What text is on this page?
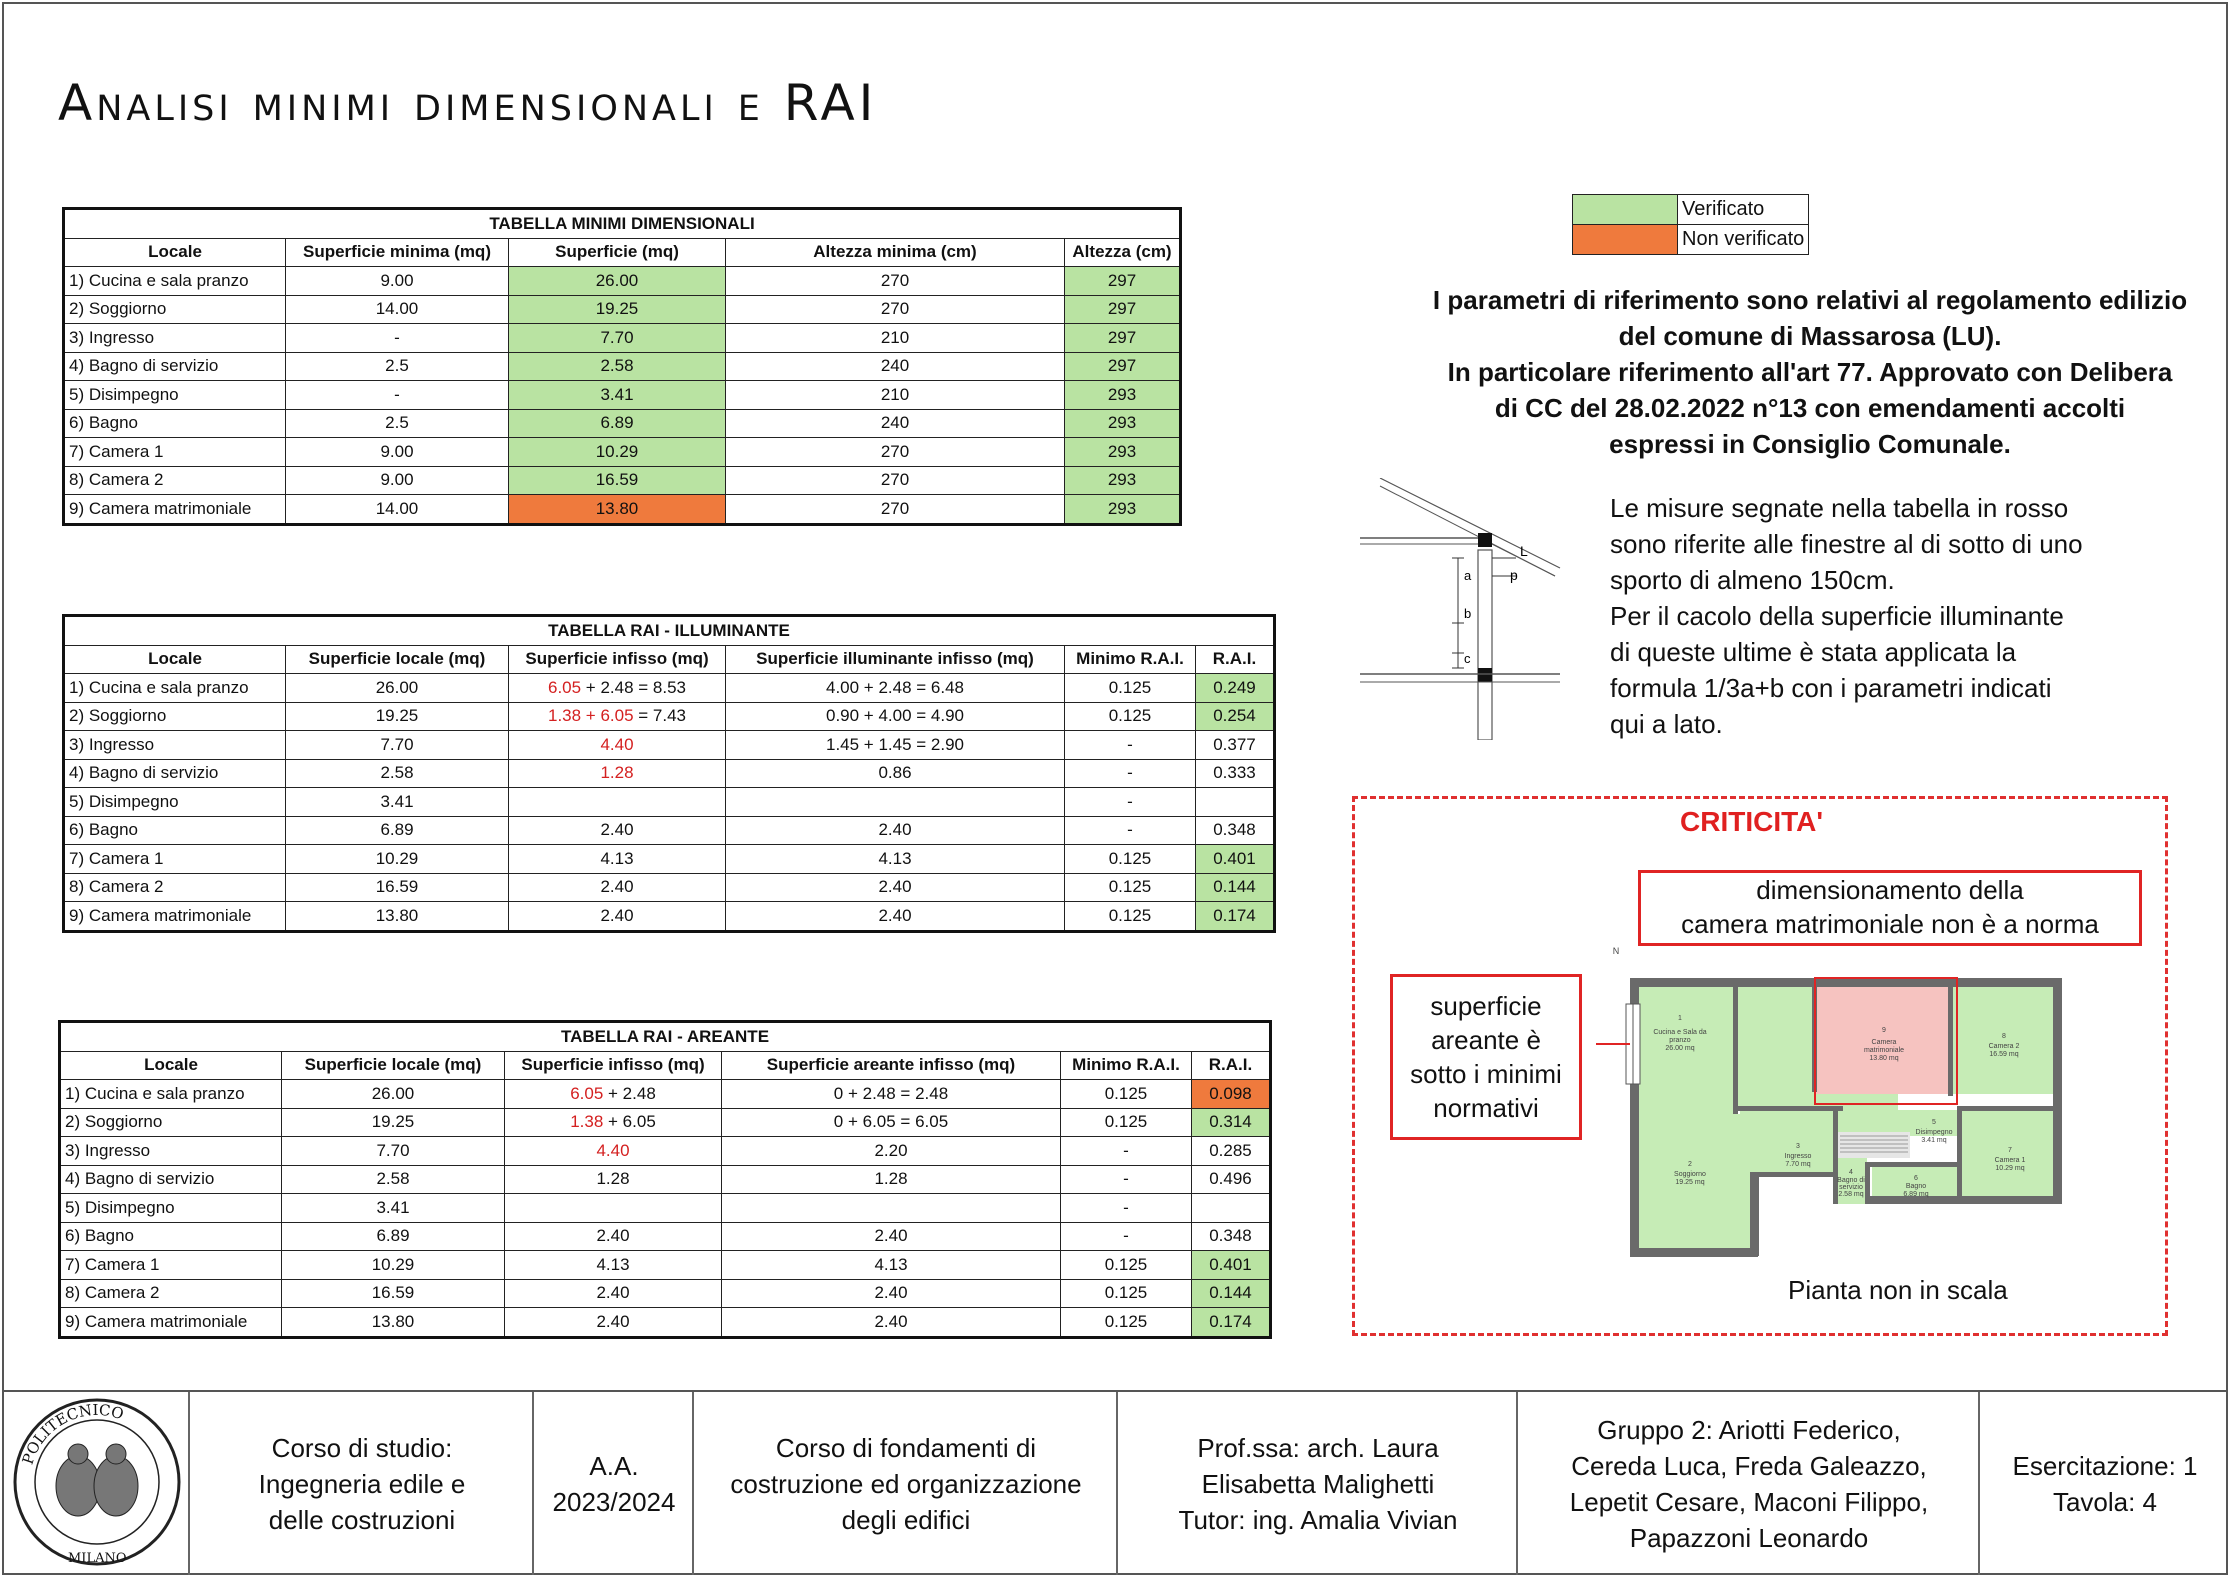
Analisi minimi dimensionali e RAI
TABELLA MINIMI DIMENSIONALI				
Locale	Superficie minima (mq)	Superficie (mq)	Altezza minima (cm)	Altezza (cm)
1) Cucina e sala pranzo	9.00	26.00	270	297
2) Soggiorno	14.00	19.25	270	297
3) Ingresso	-	7.70	210	297
4) Bagno di servizio	2.5	2.58	240	297
5) Disimpegno	-	3.41	210	293
6) Bagno	2.5	6.89	240	293
7) Camera 1	9.00	10.29	270	293
8) Camera 2	9.00	16.59	270	293
9) Camera matrimoniale	14.00	13.80	270	293
TABELLA RAI - ILLUMINANTE					
Locale	Superficie locale (mq)	Superficie infisso (mq)	Superficie illuminante infisso (mq)	Minimo R.A.I.	R.A.I.
1) Cucina e sala pranzo	26.00	6.05 + 2.48 = 8.53	4.00 + 2.48 = 6.48	0.125	0.249
2) Soggiorno	19.25	1.38 + 6.05 = 7.43	0.90 + 4.00 = 4.90	0.125	0.254
3) Ingresso	7.70	4.40	1.45 + 1.45 = 2.90	-	0.377
4) Bagno di servizio	2.58	1.28	0.86	-	0.333
5) Disimpegno	3.41			-	
6) Bagno	6.89	2.40	2.40	-	0.348
7) Camera 1	10.29	4.13	4.13	0.125	0.401
8) Camera 2	16.59	2.40	2.40	0.125	0.144
9) Camera matrimoniale	13.80	2.40	2.40	0.125	0.174
TABELLA RAI - AREANTE					
Locale	Superficie locale (mq)	Superficie infisso (mq)	Superficie areante infisso (mq)	Minimo R.A.I.	R.A.I.
1) Cucina e sala pranzo	26.00	6.05 + 2.48	0 + 2.48 = 2.48	0.125	0.098
2) Soggiorno	19.25	1.38 + 6.05	0 + 6.05 = 6.05	0.125	0.314
3) Ingresso	7.70	4.40	2.20	-	0.285
4) Bagno di servizio	2.58	1.28	1.28	-	0.496
5) Disimpegno	3.41			-	
6) Bagno	6.89	2.40	2.40	-	0.348
7) Camera 1	10.29	4.13	4.13	0.125	0.401
8) Camera 2	16.59	2.40	2.40	0.125	0.144
9) Camera matrimoniale	13.80	2.40	2.40	0.125	0.174
	Verificato
	Non verificato
I parametri di riferimento sono relativi al regolamento edilizio
del comune di Massarosa (LU).
In particolare riferimento all'art 77. Approvato con Delibera
di CC del 28.02.2022 n°13 con emendamenti accolti
espressi in Consiglio Comunale.
L
p
a
b
c
Le misure segnate nella tabella in rosso
sono riferite alle finestre al di sotto di uno
sporto di almeno 150cm.
Per il cacolo della superficie illuminante
di queste ultime è stata applicata la
formula 1/3a+b con i parametri indicati
qui a lato.
CRITICITA'
1
Cucina e Sala da
pranzo
26.00 mq
9
Camera
matrimoniale
13.80 mq
8
Camera 2
16.59 mq
3
Ingresso
7.70 mq
5
Disimpegno
3.41 mq
7
Camera 1
10.29 mq
4
Bagno di
servizio
2.58 mq
6
Bagno
6.89 mq
2
Soggiorno
19.25 mq
N
dimensionamento della
camera matrimoniale non è a norma
superficie
areante è
sotto i minimi
normativi
Pianta non in scala
POLITECNICO
MILANO
Corso di studio:
Ingegneria edile e
delle costruzioni
A.A.
2023/2024
Corso di fondamenti di
costruzione ed organizzazione
degli edifici
Prof.ssa: arch. Laura
Elisabetta Malighetti
Tutor: ing. Amalia Vivian
Gruppo 2: Ariotti Federico,
Cereda Luca, Freda Galeazzo,
Lepetit Cesare, Maconi Filippo,
Papazzoni Leonardo
Esercitazione: 1
Tavola: 4
